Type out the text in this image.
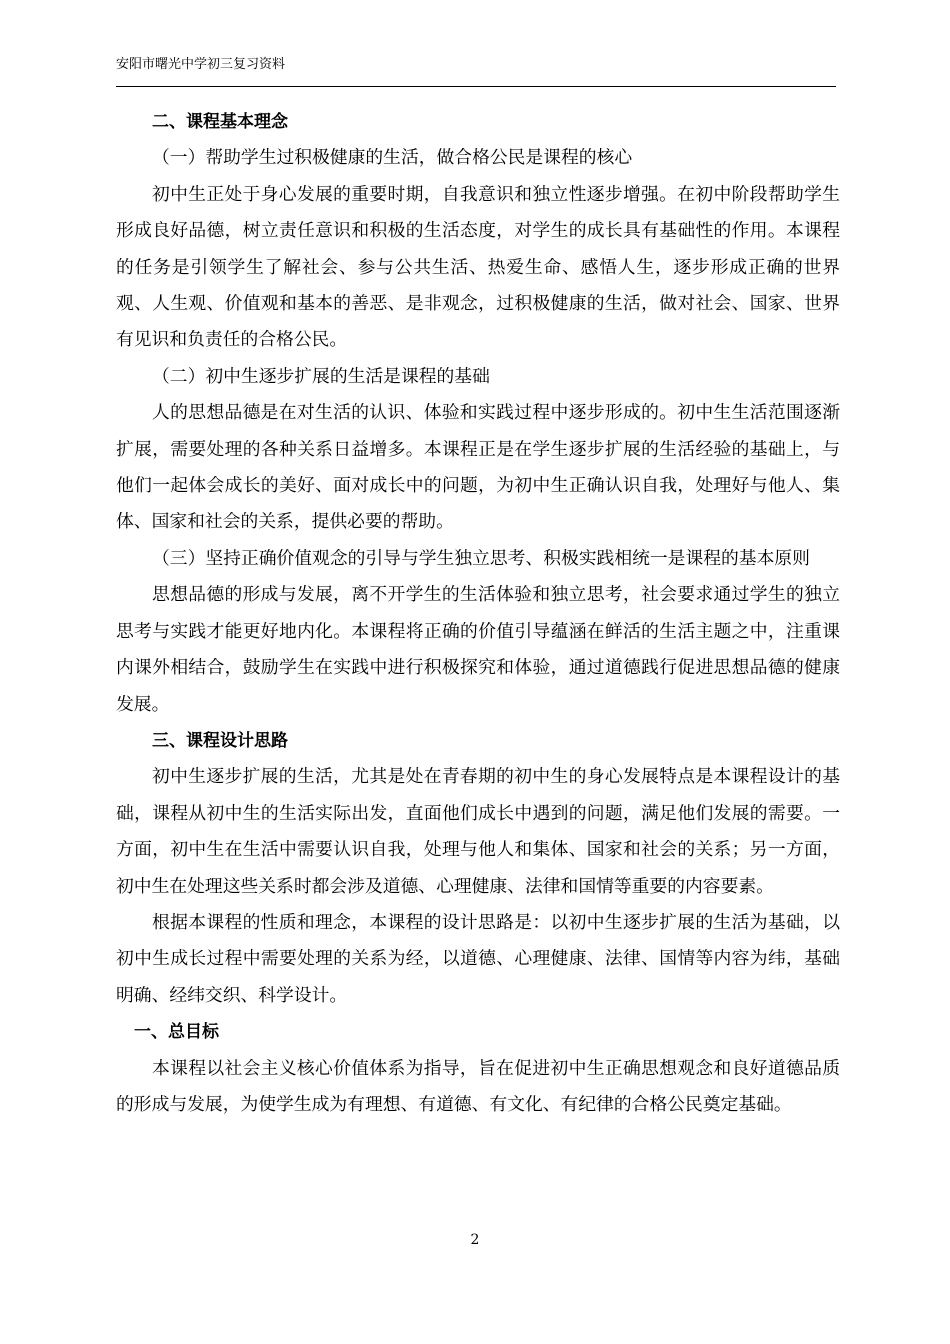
安阳市曙光中学初三复习资料

二、课程基本理念

（一）帮助学生过积极健康的生活，做合格公民是课程的核心

初中生正处于身心发展的重要时期，自我意识和独立性逐步增强。在初中阶段帮助学生形成良好品德，树立责任意识和积极的生活态度，对学生的成长具有基础性的作用。本课程的任务是引领学生了解社会、参与公共生活、热爱生命、感悟人生，逐步形成正确的世界观、人生观、价值观和基本的善恶、是非观念，过积极健康的生活，做对社会、国家、世界有见识和负责任的合格公民。

（二）初中生逐步扩展的生活是课程的基础

人的思想品德是在对生活的认识、体验和实践过程中逐步形成的。初中生生活范围逐渐扩展，需要处理的各种关系日益增多。本课程正是在学生逐步扩展的生活经验的基础上，与他们一起体会成长的美好、面对成长中的问题，为初中生正确认识自我，处理好与他人、集体、国家和社会的关系，提供必要的帮助。

（三）坚持正确价值观念的引导与学生独立思考、积极实践相统一是课程的基本原则

思想品德的形成与发展，离不开学生的生活体验和独立思考，社会要求通过学生的独立思考与实践才能更好地内化。本课程将正确的价值引导蕴涵在鲜活的生活主题之中，注重课内课外相结合，鼓励学生在实践中进行积极探究和体验，通过道德践行促进思想品德的健康发展。

三、课程设计思路

初中生逐步扩展的生活，尤其是处在青春期的初中生的身心发展特点是本课程设计的基础，课程从初中生的生活实际出发，直面他们成长中遇到的问题，满足他们发展的需要。一方面，初中生在生活中需要认识自我，处理与他人和集体、国家和社会的关系；另一方面，初中生在处理这些关系时都会涉及道德、心理健康、法律和国情等重要的内容要素。

根据本课程的性质和理念，本课程的设计思路是：以初中生逐步扩展的生活为基础，以初中生成长过程中需要处理的关系为经，以道德、心理健康、法律、国情等内容为纬，基础明确、经纬交织、科学设计。

一、总目标

本课程以社会主义核心价值体系为指导，旨在促进初中生正确思想观念和良好道德品质的形成与发展，为使学生成为有理想、有道德、有文化、有纪律的合格公民奠定基础。

2
